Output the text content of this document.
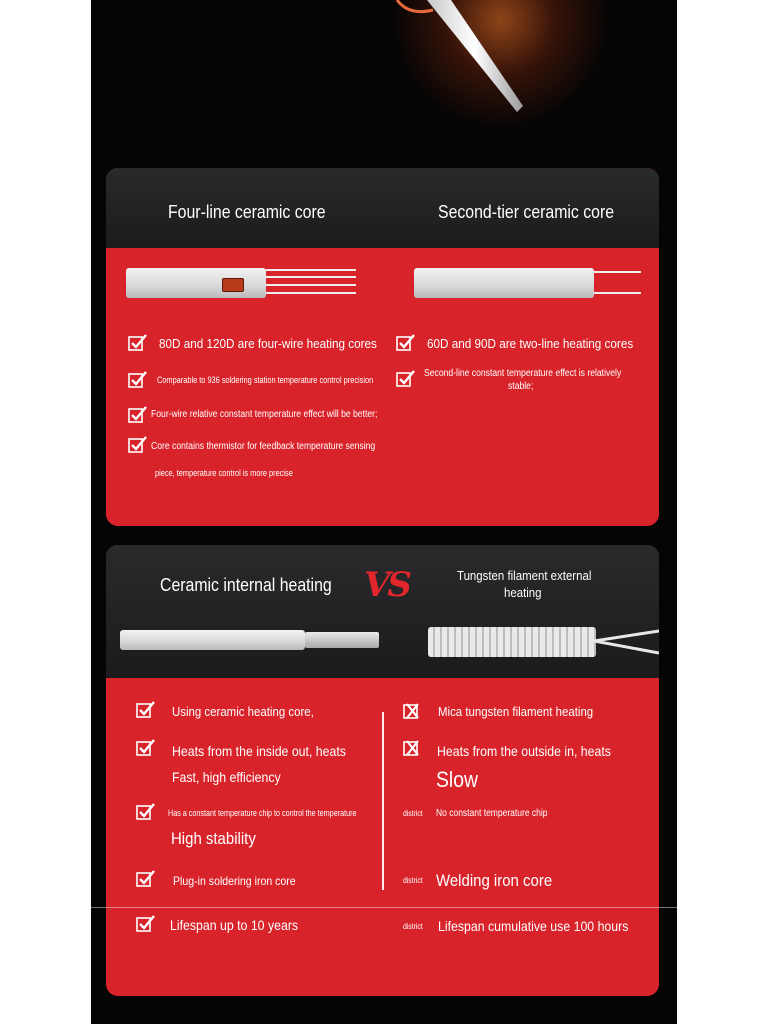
Four-line ceramic core	Second-tier ceramic core
80D and 120D are four-wire heating cores
Comparable to 936 soldering station temperature control precision
Four-wire relative constant temperature effect will be better;
Core contains thermistor for feedback temperature sensing
piece, temperature control is more precise
60D and 90D are two-line heating cores
Second-line constant temperature effect is relatively
stable;
Ceramic internal heating VS	Tungsten filament external
heating
Using ceramic heating core,
Heats from the inside out, heats
Fast, high efficiency
Has a constant temperature chip to control the temperature
High stability
Plug-in soldering iron core
Lifespan up to 10 years
Mica tungsten filament heating
Heats from the outside in, heats
Slow
district No constant temperature chip
district Welding iron core
district Lifespan cumulative use 100 hours
